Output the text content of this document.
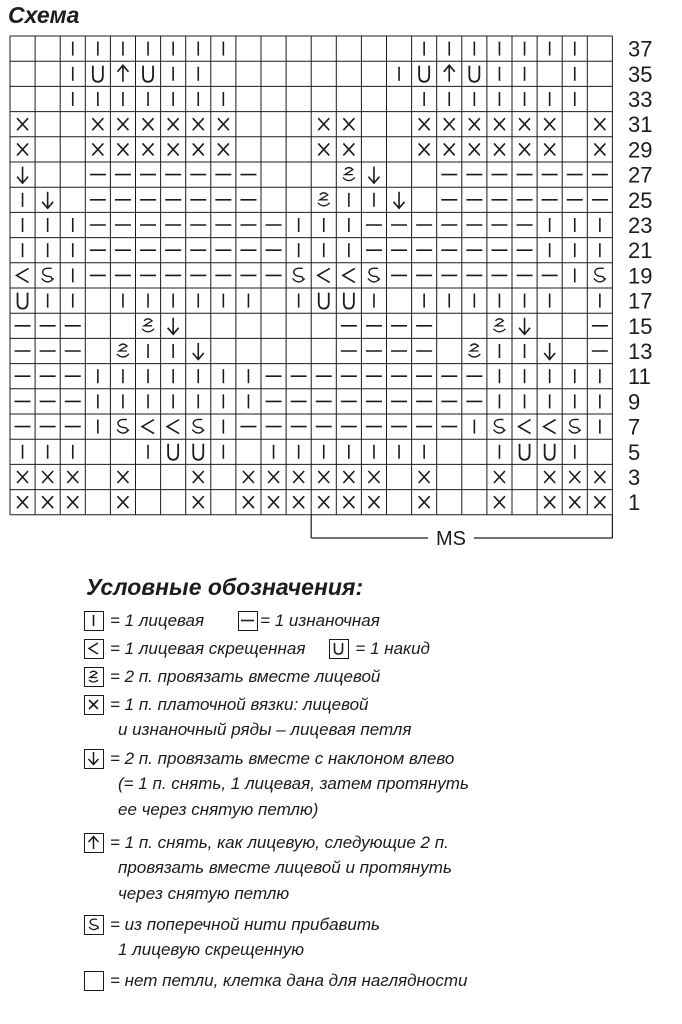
Схема
37
35
33
31
29
27
25
23
21
19
17
15
13
11
9
7
5
3
1
MS
Условные обозначения:
= 1 лицевая	= 1 изнаночная
= 1 лицевая скрещенная	= 1 накид
= 2 п. провязать вместе лицевой
= 1 п. платочной вязки: лицевой
и изнаночный ряды – лицевая петля
= 2 п. провязать вместе с наклоном влево
(= 1 п. снять, 1 лицевая, затем протянуть
ее через снятую петлю)
= 1 п. снять, как лицевую, следующие 2 п.
провязать вместе лицевой и протянуть
через снятую петлю
= из поперечной нити прибавить
1 лицевую скрещенную
= нет петли, клетка дана для наглядности
